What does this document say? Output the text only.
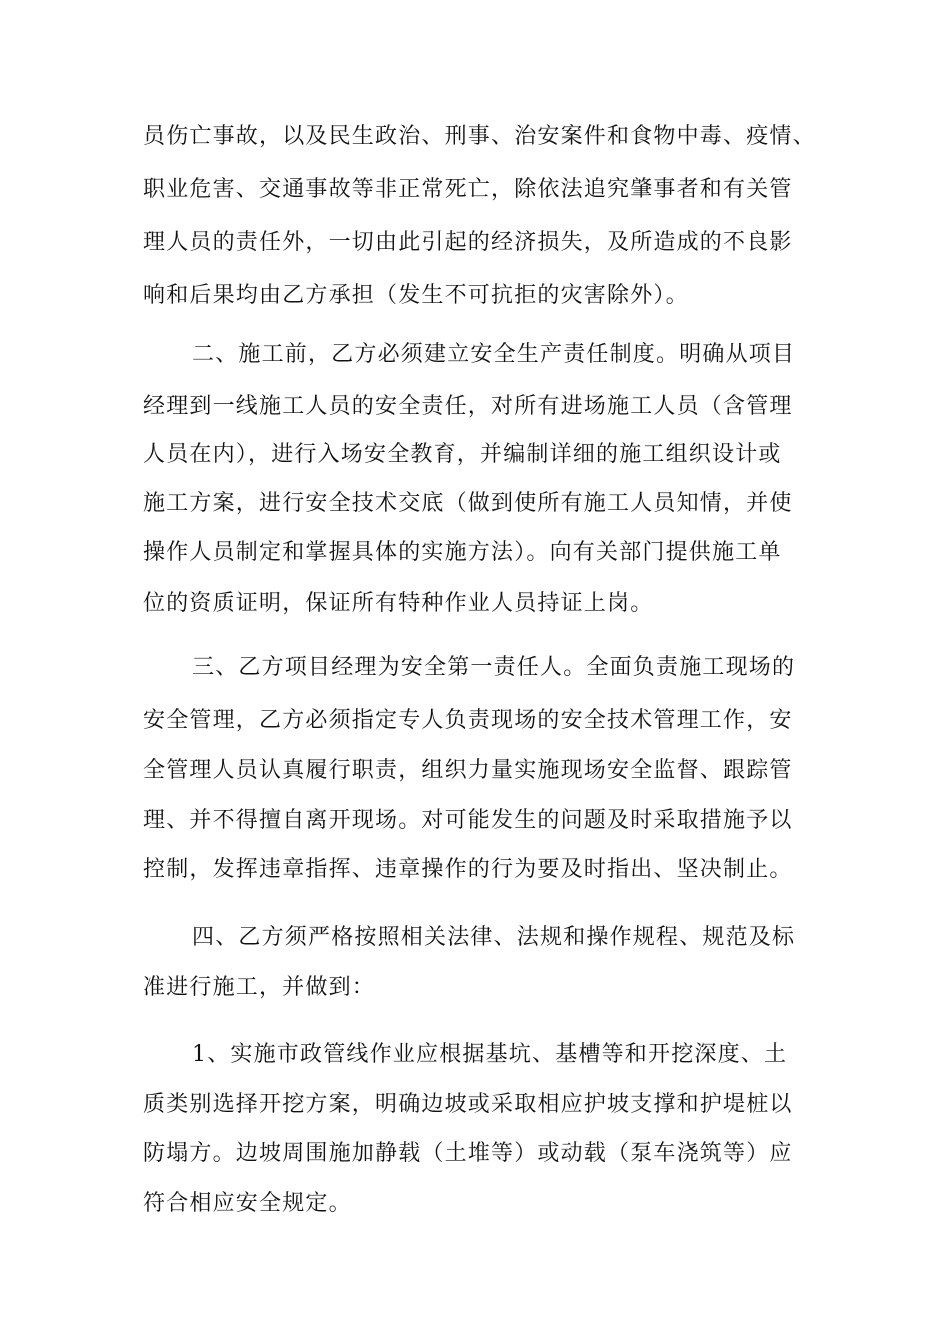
员伤亡事故，以及民生政治、刑事、治安案件和食物中毒、疫情、
职业危害、交通事故等非正常死亡，除依法追究肇事者和有关管
理人员的责任外，一切由此引起的经济损失，及所造成的不良影
响和后果均由乙方承担（发生不可抗拒的灾害除外）。
二、施工前，乙方必须建立安全生产责任制度。明确从项目
经理到一线施工人员的安全责任，对所有进场施工人员（含管理
人员在内），进行入场安全教育，并编制详细的施工组织设计或
施工方案，进行安全技术交底（做到使所有施工人员知情，并使
操作人员制定和掌握具体的实施方法）。向有关部门提供施工单
位的资质证明，保证所有特种作业人员持证上岗。
三、乙方项目经理为安全第一责任人。全面负责施工现场的
安全管理，乙方必须指定专人负责现场的安全技术管理工作，安
全管理人员认真履行职责，组织力量实施现场安全监督、跟踪管
理、并不得擅自离开现场。对可能发生的问题及时采取措施予以
控制，发挥违章指挥、违章操作的行为要及时指出、坚决制止。
四、乙方须严格按照相关法律、法规和操作规程、规范及标
准进行施工，并做到：
1、实施市政管线作业应根据基坑、基槽等和开挖深度、土
质类别选择开挖方案，明确边坡或采取相应护坡支撑和护堤桩以
防塌方。边坡周围施加静载（土堆等）或动载（泵车浇筑等）应
符合相应安全规定。
